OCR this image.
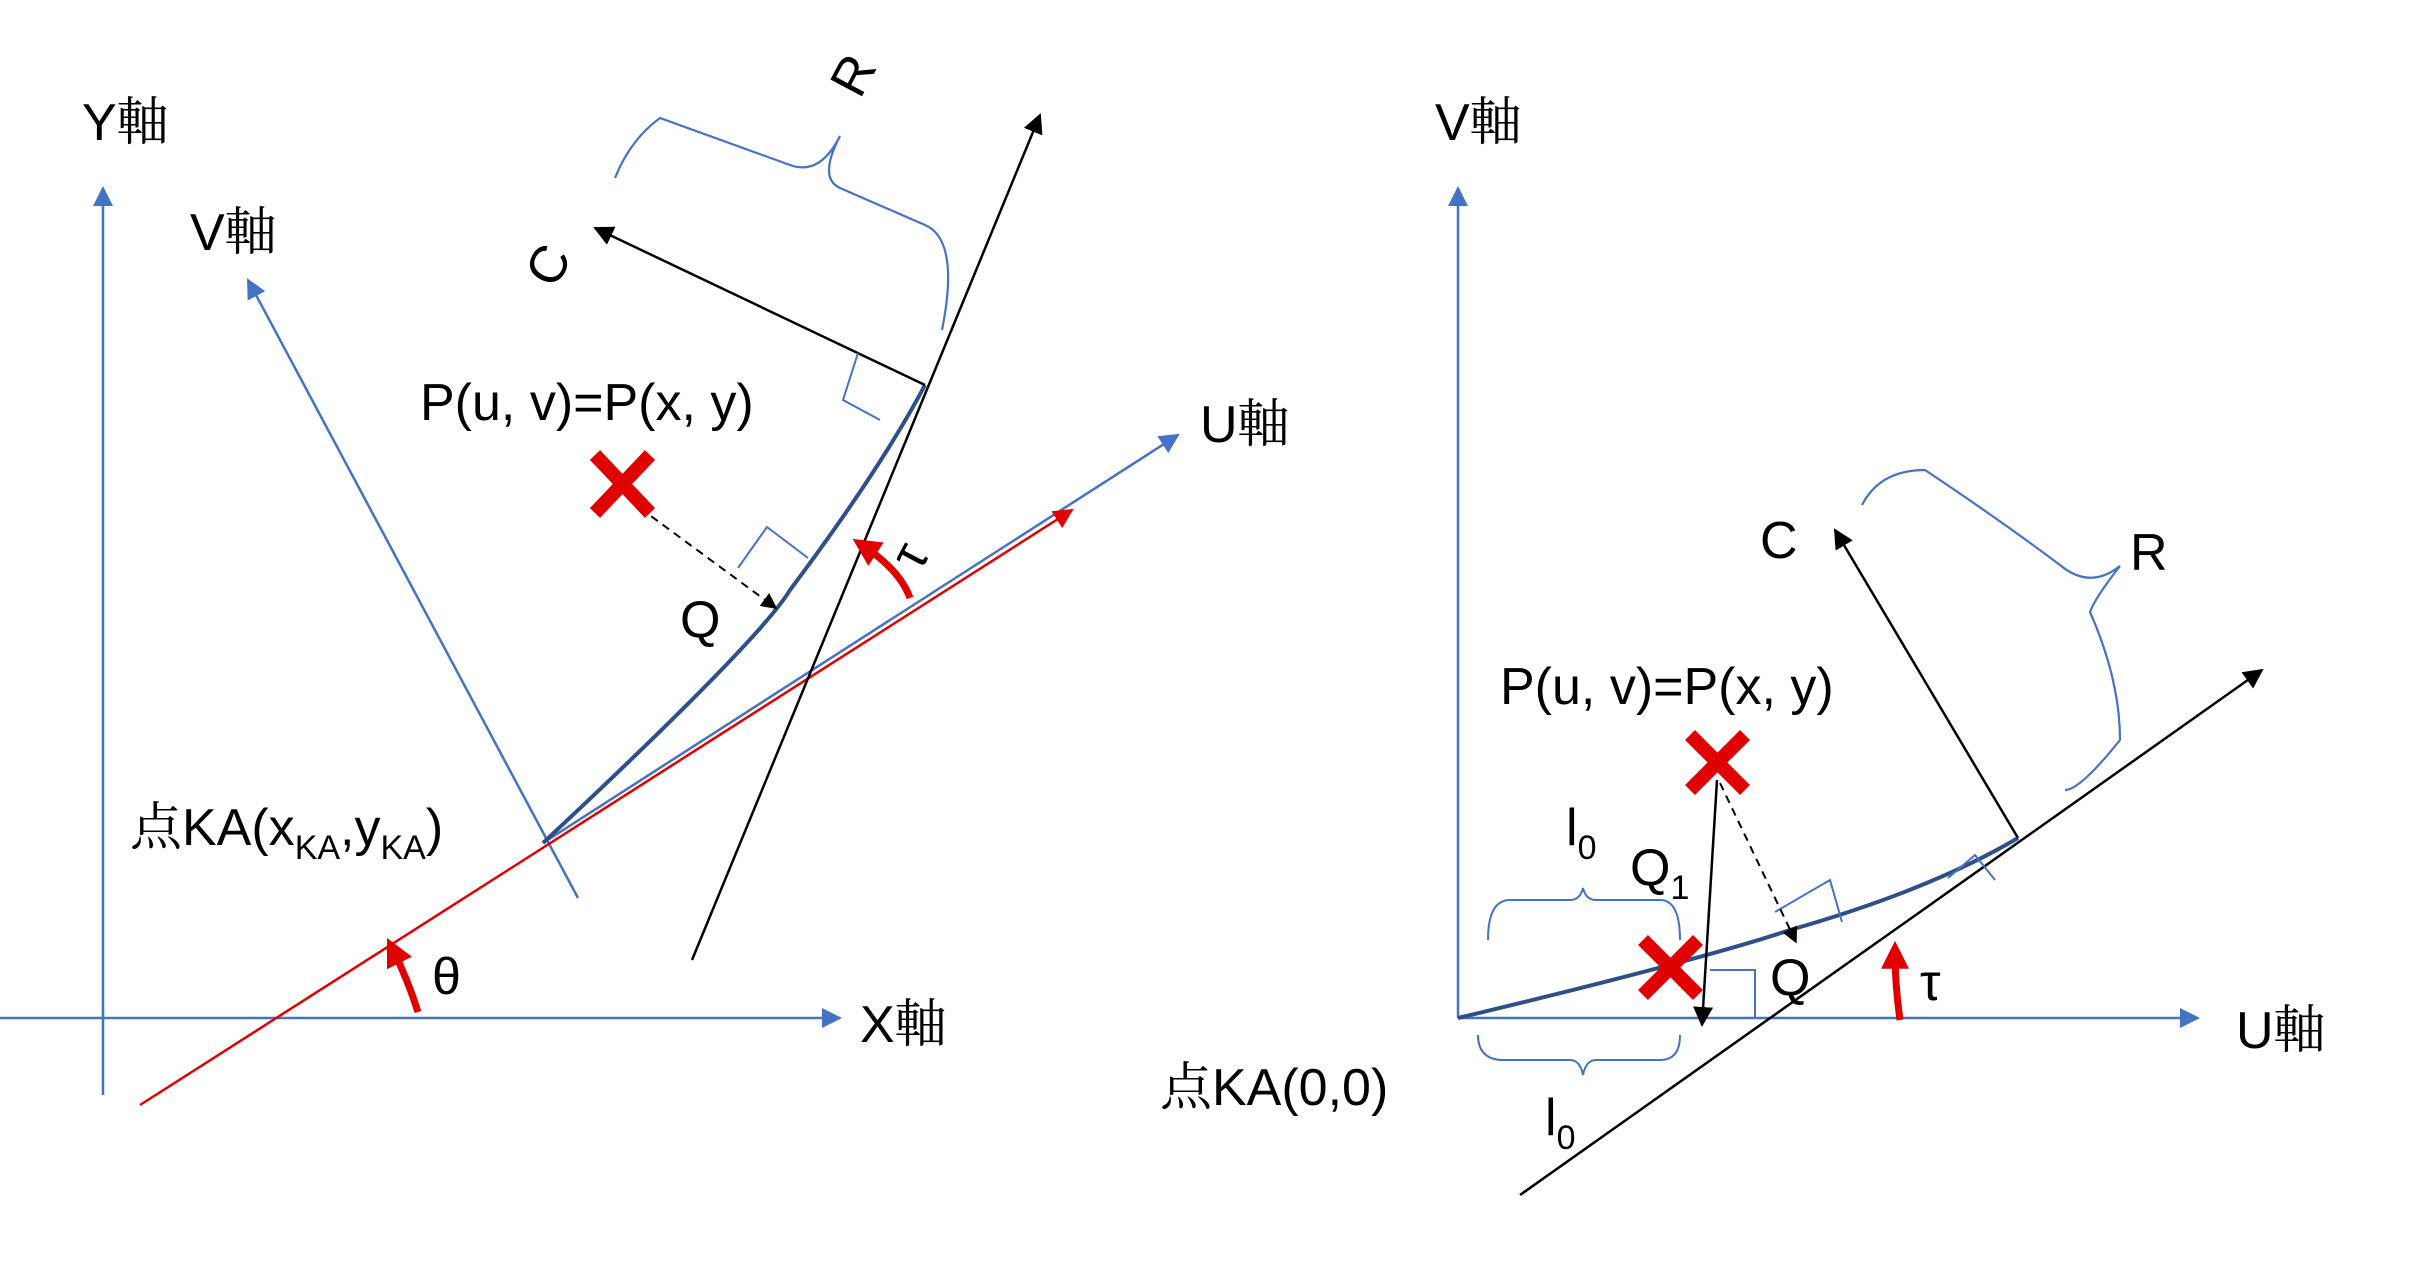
Y軸
V軸
U軸
X軸
P(u, v)=P(x, y)
Q
C
R
θ
τ
点$KA(x_{KA},y_{KA})$
V軸
U軸
点KA(0,0)
P(u, v)=P(x, y)
Q
C	R
τ
$Q_1$
$l_0$
$l_0$
